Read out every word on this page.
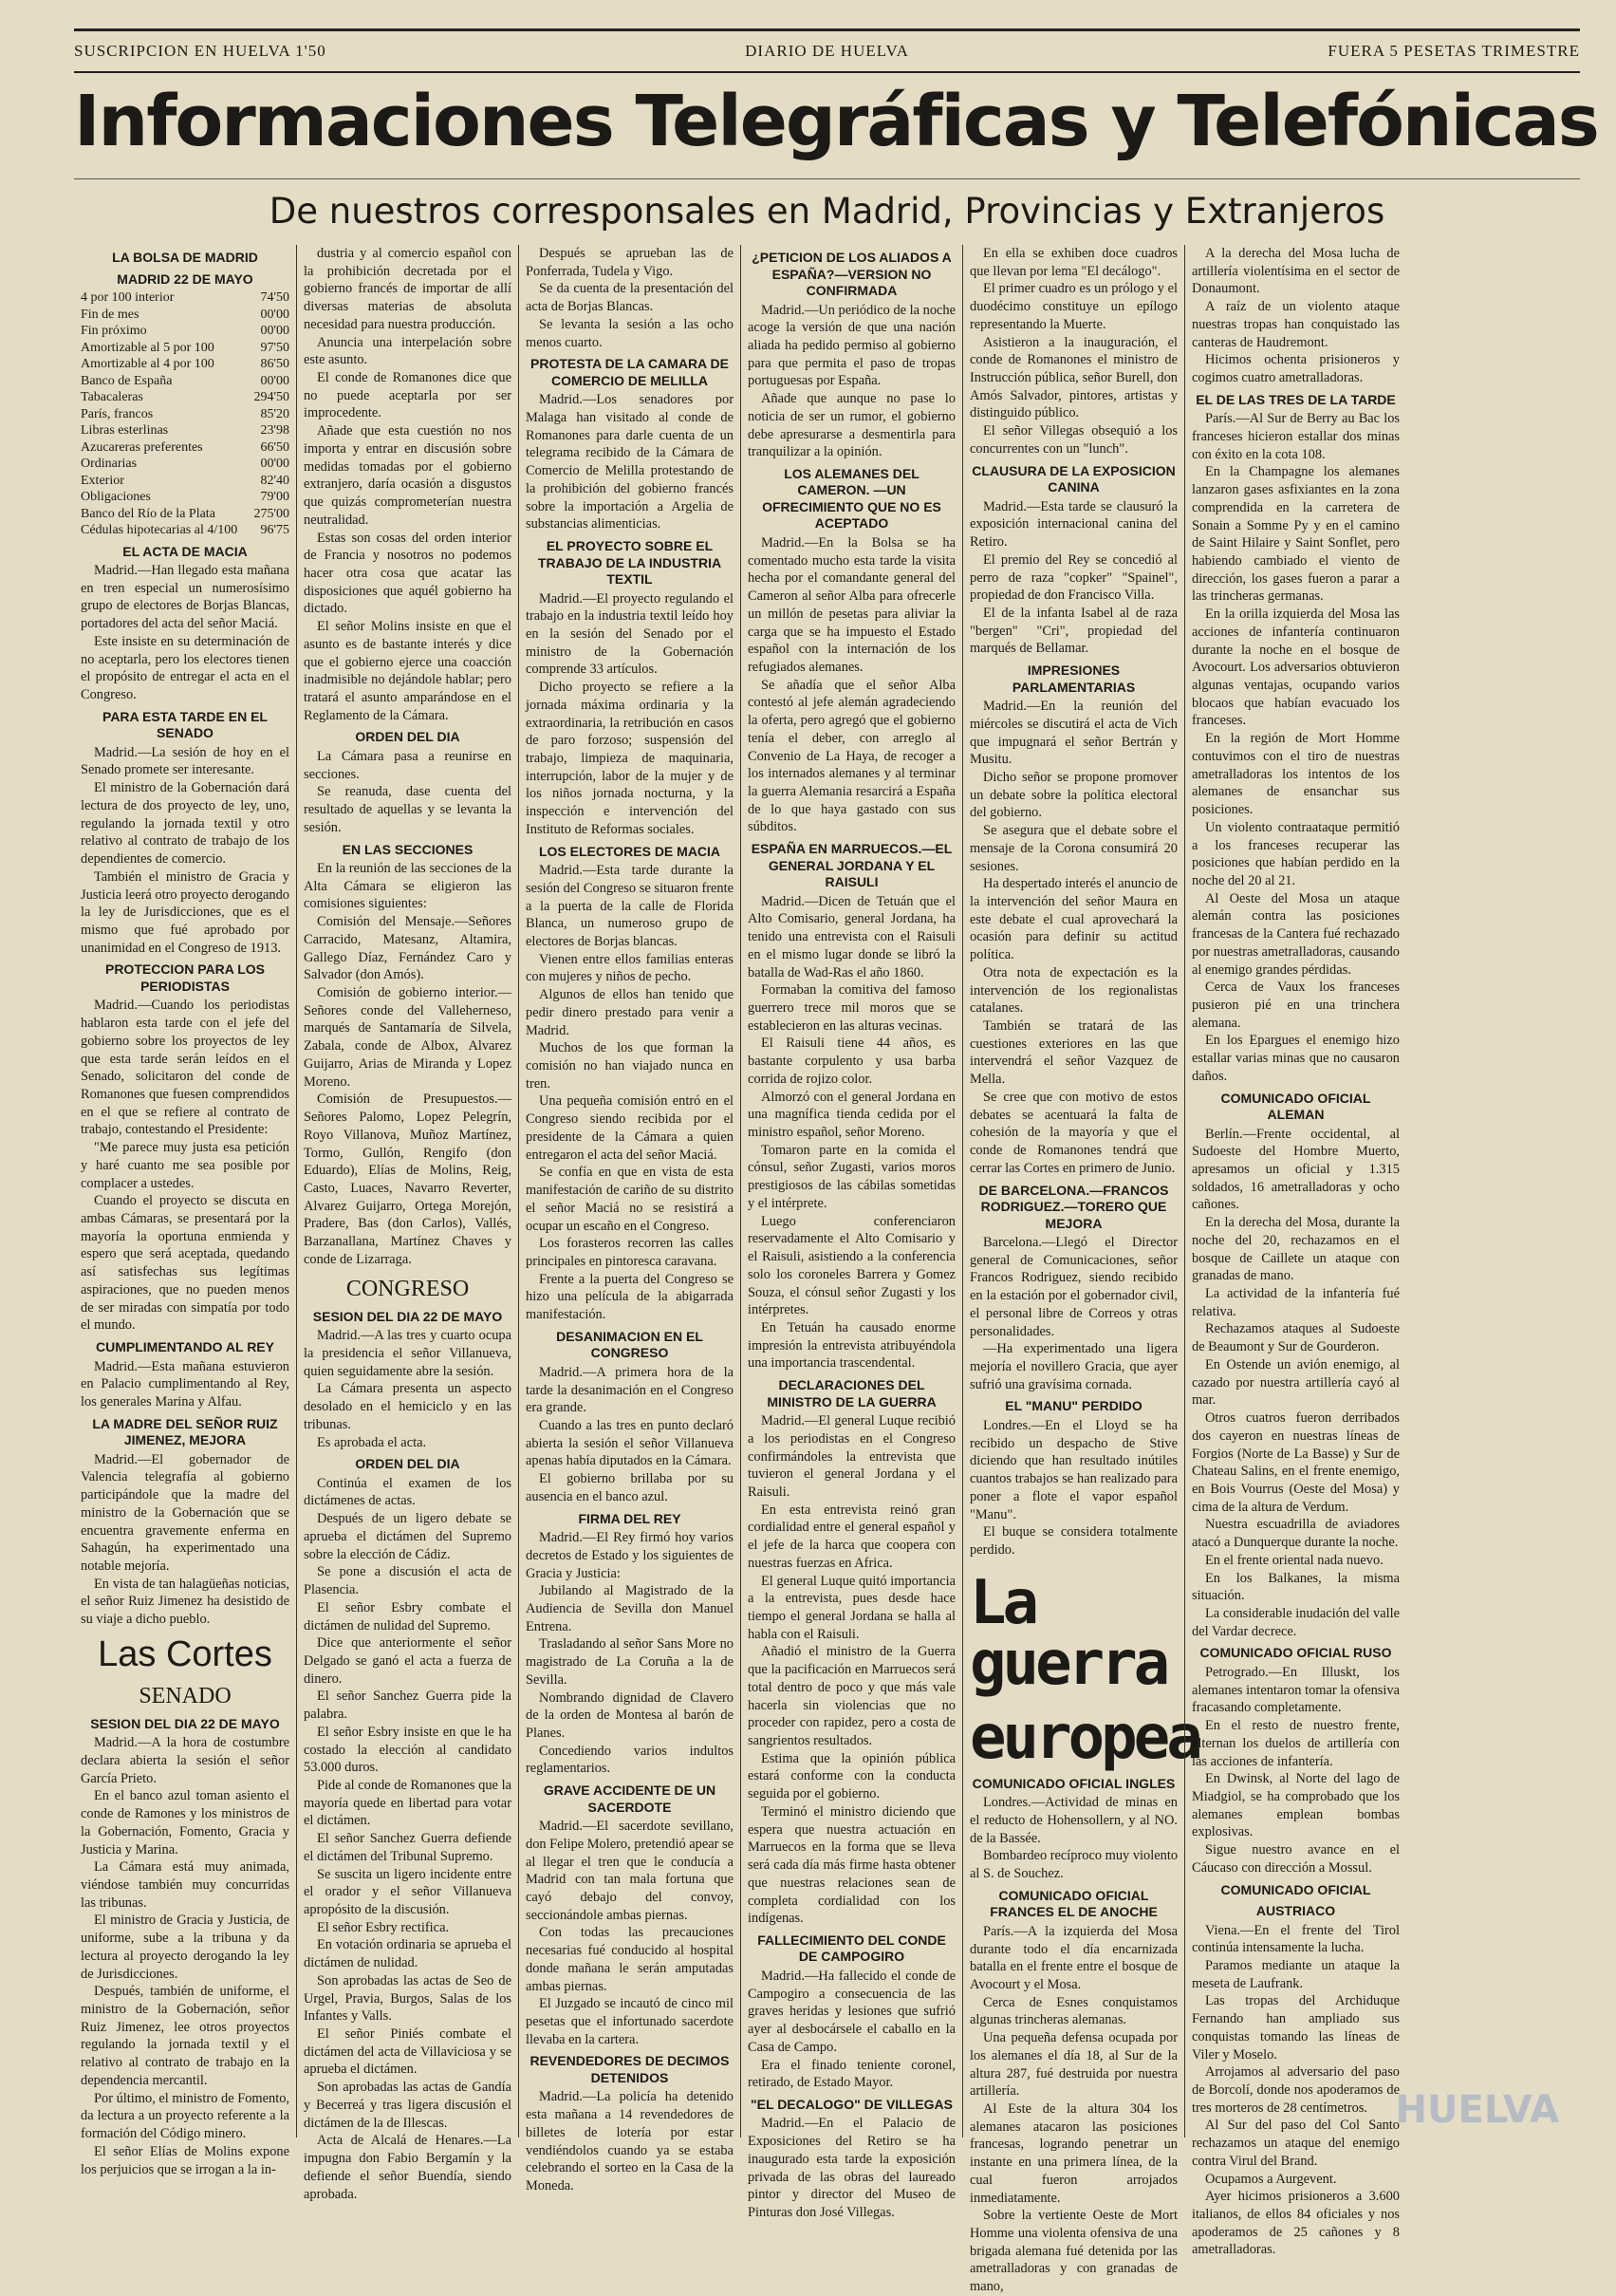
SUSCRIPCION EN HUELVA 1'50	DIARIO DE HUELVA	FUERA 5 PESETAS TRIMESTRE
Informaciones Telegráficas y Telefónicas
De nuestros corresponsales en Madrid, Provincias y Extranjeros
LA BOLSA DE MADRID
MADRID 22 DE MAYO
4 por 100 interior	74'50
Fin de mes	00'00
Fin próximo	00'00
Amortizable al 5 por 100	97'50
Amortizable al 4 por 100	86'50
Banco de España	00'00
Tabacaleras	294'50
París, francos	85'20
Libras esterlinas	23'98
Azucareras preferentes	66'50
Ordinarias	00'00
Exterior	82'40
Obligaciones	79'00
Banco del Río de la Plata	275'00
Cédulas hipotecarias al 4/100	96'75
EL ACTA DE MACIA

Madrid.—Han llegado esta mañana en tren especial un numerosísimo grupo de electores de Borjas Blancas, portadores del acta del señor Maciá.

Este insiste en su determinación de no aceptarla, pero los electores tienen el propósito de entregar el acta en el Congreso.

PARA ESTA TARDE EN EL SENADO

Madrid.—La sesión de hoy en el Senado promete ser interesante.

El ministro de la Gobernación dará lectura de dos proyecto de ley, uno, regulando la jornada textil y otro relativo al contrato de trabajo de los dependientes de comercio.

También el ministro de Gracia y Justicia leerá otro proyecto derogando la ley de Jurisdicciones, que es el mismo que fué aprobado por unanimidad en el Congreso de 1913.

PROTECCION PARA LOS PERIODISTAS

Madrid.—Cuando los periodistas hablaron esta tarde con el jefe del gobierno sobre los proyectos de ley que esta tarde serán leídos en el Senado, solicitaron del conde de Romanones que fuesen comprendidos en el que se refiere al contrato de trabajo, contestando el Presidente:

"Me parece muy justa esa petición y haré cuanto me sea posible por complacer a ustedes.

Cuando el proyecto se discuta en ambas Cámaras, se presentará por la mayoría la oportuna enmienda y espero que será aceptada, quedando así satisfechas sus legítimas aspiraciones, que no pueden menos de ser miradas con simpatía por todo el mundo.

CUMPLIMENTANDO AL REY

Madrid.—Esta mañana estuvieron en Palacio cumplimentando al Rey, los generales Marina y Alfau.

LA MADRE DEL SEÑOR RUIZ JIMENEZ, MEJORA

Madrid.—El gobernador de Valencia telegrafía al gobierno participándole que la madre del ministro de la Gobernación que se encuentra gravemente enferma en Sahagún, ha experimentado una notable mejoría.

En vista de tan halagüeñas noticias, el señor Ruiz Jimenez ha desistido de su viaje a dicho pueblo.

Las Cortes
SENADO
SESION DEL DIA 22 DE MAYO

Madrid.—A la hora de costumbre declara abierta la sesión el señor García Prieto.

En el banco azul toman asiento el conde de Ramones y los ministros de la Gobernación, Fomento, Gracia y Justicia y Marina.

La Cámara está muy animada, viéndose también muy concurridas las tribunas.

El ministro de Gracia y Justicia, de uniforme, sube a la tribuna y da lectura al proyecto derogando la ley de Jurisdicciones.

Después, también de uniforme, el ministro de la Gobernación, señor Ruiz Jimenez, lee otros proyectos regulando la jornada textil y el relativo al contrato de trabajo en la dependencia mercantil.

Por último, el ministro de Fomento, da lectura a un proyecto referente a la formación del Código minero.

El señor Elías de Molins expone los perjuicios que se irrogan a la in-

dustria y al comercio español con la prohibición decretada por el gobierno francés de importar de allí diversas materias de absoluta necesidad para nuestra producción.

Anuncia una interpelación sobre este asunto.

El conde de Romanones dice que no puede aceptarla por ser improcedente.

Añade que esta cuestión no nos importa y entrar en discusión sobre medidas tomadas por el gobierno extranjero, daría ocasión a disgustos que quizás comprometerían nuestra neutralidad.

Estas son cosas del orden interior de Francia y nosotros no podemos hacer otra cosa que acatar las disposiciones que aquél gobierno ha dictado.

El señor Molins insiste en que el asunto es de bastante interés y dice que el gobierno ejerce una coacción inadmisible no dejándole hablar; pero tratará el asunto amparándose en el Reglamento de la Cámara.

ORDEN DEL DIA

La Cámara pasa a reunirse en secciones.

Se reanuda, dase cuenta del resultado de aquellas y se levanta la sesión.

EN LAS SECCIONES

En la reunión de las secciones de la Alta Cámara se eligieron las comisiones siguientes:

Comisión del Mensaje.—Señores Carracido, Matesanz, Altamira, Gallego Díaz, Fernández Caro y Salvador (don Amós).

Comisión de gobierno interior.—Señores conde del Valleherneso, marqués de Santamaría de Silvela, Zabala, conde de Albox, Alvarez Guijarro, Arias de Miranda y Lopez Moreno.

Comisión de Presupuestos.—Señores Palomo, Lopez Pelegrín, Royo Villanova, Muñoz Martínez, Tormo, Gullón, Rengifo (don Eduardo), Elías de Molins, Reig, Casto, Luaces, Navarro Reverter, Alvarez Guijarro, Ortega Morejón, Pradere, Bas (don Carlos), Vallés, Barzanallana, Martínez Chaves y conde de Lizarraga.

CONGRESO
SESION DEL DIA 22 DE MAYO

Madrid.—A las tres y cuarto ocupa la presidencia el señor Villanueva, quien seguidamente abre la sesión.

La Cámara presenta un aspecto desolado en el hemiciclo y en las tribunas.

Es aprobada el acta.

ORDEN DEL DIA

Continúa el examen de los dictámenes de actas.

Después de un ligero debate se aprueba el dictámen del Supremo sobre la elección de Cádiz.

Se pone a discusión el acta de Plasencia.

El señor Esbry combate el dictámen de nulidad del Supremo.

Dice que anteriormente el señor Delgado se ganó el acta a fuerza de dinero.

El señor Sanchez Guerra pide la palabra.

El señor Esbry insiste en que le ha costado la elección al candidato 53.000 duros.

Pide al conde de Romanones que la mayoría quede en libertad para votar el dictámen.

El señor Sanchez Guerra defiende el dictámen del Tribunal Supremo.

Se suscita un ligero incidente entre el orador y el señor Villanueva apropósito de la discusión.

El señor Esbry rectifica.

En votación ordinaria se aprueba el dictámen de nulidad.

Son aprobadas las actas de Seo de Urgel, Pravia, Burgos, Salas de los Infantes y Valls.

El señor Piniés combate el dictámen del acta de Villaviciosa y se aprueba el dictámen.

Son aprobadas las actas de Gandía y Becerreá y tras ligera discusión el dictámen de la de Illescas.

Acta de Alcalá de Henares.—La impugna don Fabio Bergamín y la defiende el señor Buendía, siendo aprobada.

Después se aprueban las de Ponferrada, Tudela y Vigo.

Se da cuenta de la presentación del acta de Borjas Blancas.

Se levanta la sesión a las ocho menos cuarto.

PROTESTA DE LA CAMARA DE COMERCIO DE MELILLA

Madrid.—Los senadores por Malaga han visitado al conde de Romanones para darle cuenta de un telegrama recibido de la Cámara de Comercio de Melilla protestando de la prohibición del gobierno francés sobre la importación a Argelia de substancias alimenticias.

EL PROYECTO SOBRE EL TRABAJO DE LA INDUSTRIA TEXTIL

Madrid.—El proyecto regulando el trabajo en la industria textil leído hoy en la sesión del Senado por el ministro de la Gobernación comprende 33 artículos.

Dicho proyecto se refiere a la jornada máxima ordinaria y la extraordinaria, la retribución en casos de paro forzoso; suspensión del trabajo, limpieza de maquinaria, interrupción, labor de la mujer y de los niños jornada nocturna, y la inspección e intervención del Instituto de Reformas sociales.

LOS ELECTORES DE MACIA

Madrid.—Esta tarde durante la sesión del Congreso se situaron frente a la puerta de la calle de Florida Blanca, un numeroso grupo de electores de Borjas blancas.

Vienen entre ellos familias enteras con mujeres y niños de pecho.

Algunos de ellos han tenido que pedir dinero prestado para venir a Madrid.

Muchos de los que forman la comisión no han viajado nunca en tren.

Una pequeña comisión entró en el Congreso siendo recibida por el presidente de la Cámara a quien entregaron el acta del señor Maciá.

Se confía en que en vista de esta manifestación de cariño de su distrito el señor Maciá no se resistirá a ocupar un escaño en el Congreso.

Los forasteros recorren las calles principales en pintoresca caravana.

Frente a la puerta del Congreso se hizo una película de la abigarrada manifestación.

DESANIMACION EN EL CONGRESO

Madrid.—A primera hora de la tarde la desanimación en el Congreso era grande.

Cuando a las tres en punto declaró abierta la sesión el señor Villanueva apenas había diputados en la Cámara.

El gobierno brillaba por su ausencia en el banco azul.

FIRMA DEL REY

Madrid.—El Rey firmó hoy varios decretos de Estado y los siguientes de Gracia y Justicia:

Jubilando al Magistrado de la Audiencia de Sevilla don Manuel Entrena.

Trasladando al señor Sans More no magistrado de La Coruña a la de Sevilla.

Nombrando dignidad de Clavero de la orden de Montesa al barón de Planes.

Concediendo varios indultos reglamentarios.

GRAVE ACCIDENTE DE UN SACERDOTE

Madrid.—El sacerdote sevillano, don Felipe Molero, pretendió apear se al llegar el tren que le conducía a Madrid con tan mala fortuna que cayó debajo del convoy, seccionándole ambas piernas.

Con todas las precauciones necesarias fué conducido al hospital donde mañana le serán amputadas ambas piernas.

El Juzgado se incautó de cinco mil pesetas que el infortunado sacerdote llevaba en la cartera.

REVENDEDORES DE DECIMOS DETENIDOS

Madrid.—La policía ha detenido esta mañana a 14 revendedores de billetes de lotería por estar vendiéndolos cuando ya se estaba celebrando el sorteo en la Casa de la Moneda.

¿PETICION DE LOS ALIADOS A ESPAÑA?—VERSION NO CONFIRMADA

Madrid.—Un periódico de la noche acoge la versión de que una nación aliada ha pedido permiso al gobierno para que permita el paso de tropas portuguesas por España.

Añade que aunque no pase lo noticia de ser un rumor, el gobierno debe apresurarse a desmentirla para tranquilizar a la opinión.

LOS ALEMANES DEL CAMERON. —UN OFRECIMIENTO QUE NO ES ACEPTADO

Madrid.—En la Bolsa se ha comentado mucho esta tarde la visita hecha por el comandante general del Cameron al señor Alba para ofrecerle un millón de pesetas para aliviar la carga que se ha impuesto el Estado español con la internación de los refugiados alemanes.

Se añadía que el señor Alba contestó al jefe alemán agradeciendo la oferta, pero agregó que el gobierno tenía el deber, con arreglo al Convenio de La Haya, de recoger a los internados alemanes y al terminar la guerra Alemania resarcirá a España de lo que haya gastado con sus súbditos.

ESPAÑA EN MARRUECOS.—EL GENERAL JORDANA Y EL RAISULI

Madrid.—Dicen de Tetuán que el Alto Comisario, general Jordana, ha tenido una entrevista con el Raisuli en el mismo lugar donde se libró la batalla de Wad-Ras el año 1860.

Formaban la comitiva del famoso guerrero trece mil moros que se establecieron en las alturas vecinas.

El Raisuli tiene 44 años, es bastante corpulento y usa barba corrida de rojizo color.

Almorzó con el general Jordana en una magnífica tienda cedida por el ministro español, señor Moreno.

Tomaron parte en la comida el cónsul, señor Zugasti, varios moros prestigiosos de las cábilas sometidas y el intérprete.

Luego conferenciaron reservadamente el Alto Comisario y el Raisuli, asistiendo a la conferencia solo los coroneles Barrera y Gomez Souza, el cónsul señor Zugasti y los intérpretes.

En Tetuán ha causado enorme impresión la entrevista atribuyéndola una importancia trascendental.

DECLARACIONES DEL MINISTRO DE LA GUERRA

Madrid.—El general Luque recibió a los periodistas en el Congreso confirmándoles la entrevista que tuvieron el general Jordana y el Raisuli.

En esta entrevista reinó gran cordialidad entre el general español y el jefe de la harca que coopera con nuestras fuerzas en Africa.

El general Luque quitó importancia a la entrevista, pues desde hace tiempo el general Jordana se halla al habla con el Raisuli.

Añadió el ministro de la Guerra que la pacificación en Marruecos será total dentro de poco y que más vale hacerla sin violencias que no proceder con rapidez, pero a costa de sangrientos resultados.

Estima que la opinión pública estará conforme con la conducta seguida por el gobierno.

Terminó el ministro diciendo que espera que nuestra actuación en Marruecos en la forma que se lleva será cada día más firme hasta obtener que nuestras relaciones sean de completa cordialidad con los indígenas.

FALLECIMIENTO DEL CONDE DE CAMPOGIRO

Madrid.—Ha fallecido el conde de Campogiro a consecuencia de las graves heridas y lesiones que sufrió ayer al desbocársele el caballo en la Casa de Campo.

Era el finado teniente coronel, retirado, de Estado Mayor.

"EL DECALOGO" DE VILLEGAS

Madrid.—En el Palacio de Exposiciones del Retiro se ha inaugurado esta tarde la exposición privada de las obras del laureado pintor y director del Museo de Pinturas don José Villegas.

En ella se exhiben doce cuadros que llevan por lema "El decálogo".

El primer cuadro es un prólogo y el duodécimo constituye un epílogo representando la Muerte.

Asistieron a la inauguración, el conde de Romanones el ministro de Instrucción pública, señor Burell, don Amós Salvador, pintores, artistas y distinguido público.

El señor Villegas obsequió a los concurrentes con un "lunch".

CLAUSURA DE LA EXPOSICION CANINA

Madrid.—Esta tarde se clausuró la exposición internacional canina del Retiro.

El premio del Rey se concedió al perro de raza "copker" "Spainel", propiedad de don Francisco Villa.

El de la infanta Isabel al de raza "bergen" "Cri", propiedad del marqués de Bellamar.

IMPRESIONES PARLAMENTARIAS

Madrid.—En la reunión del miércoles se discutirá el acta de Vich que impugnará el señor Bertrán y Musitu.

Dicho señor se propone promover un debate sobre la política electoral del gobierno.

Se asegura que el debate sobre el mensaje de la Corona consumirá 20 sesiones.

Ha despertado interés el anuncio de la intervención del señor Maura en este debate el cual aprovechará la ocasión para definir su actitud política.

Otra nota de expectación es la intervención de los regionalistas catalanes.

También se tratará de las cuestiones exteriores en las que intervendrá el señor Vazquez de Mella.

Se cree que con motivo de estos debates se acentuará la falta de cohesión de la mayoría y que el conde de Romanones tendrá que cerrar las Cortes en primero de Junio.

DE BARCELONA.—FRANCOS RODRIGUEZ.—TORERO QUE MEJORA

Barcelona.—Llegó el Director general de Comunicaciones, señor Francos Rodriguez, siendo recibido en la estación por el gobernador civil, el personal libre de Correos y otras personalidades.

—Ha experimentado una ligera mejoría el novillero Gracia, que ayer sufrió una gravísima cornada.

EL "MANU" PERDIDO

Londres.—En el Lloyd se ha recibido un despacho de Stive diciendo que han resultado inútiles cuantos trabajos se han realizado para poner a flote el vapor español "Manu".

El buque se considera totalmente perdido.

La guerra
europea
COMUNICADO OFICIAL INGLES

Londres.—Actividad de minas en el reducto de Hohensollern, y al NO. de la Bassée.

Bombardeo recíproco muy violento al S. de Souchez.

COMUNICADO OFICIAL FRANCES EL DE ANOCHE

París.—A la izquierda del Mosa durante todo el día encarnizada batalla en el frente entre el bosque de Avocourt y el Mosa.

Cerca de Esnes conquistamos algunas trincheras alemanas.

Una pequeña defensa ocupada por los alemanes el día 18, al Sur de la altura 287, fué destruida por nuestra artillería.

Al Este de la altura 304 los alemanes atacaron las posiciones francesas, logrando penetrar un instante en una primera línea, de la cual fueron arrojados inmediatamente.

Sobre la vertiente Oeste de Mort Homme una violenta ofensiva de una brigada alemana fué detenida por las ametralladoras y con granadas de mano,

A la derecha del Mosa lucha de artillería violentísima en el sector de Donaumont.

A raíz de un violento ataque nuestras tropas han conquistado las canteras de Haudremont.

Hicimos ochenta prisioneros y cogimos cuatro ametralladoras.

EL DE LAS TRES DE LA TARDE

París.—Al Sur de Berry au Bac los franceses hicieron estallar dos minas con éxito en la cota 108.

En la Champagne los alemanes lanzaron gases asfixiantes en la zona comprendida en la carretera de Sonain a Somme Py y en el camino de Saint Hilaire y Saint Sonflet, pero habiendo cambiado el viento de dirección, los gases fueron a parar a las trincheras germanas.

En la orilla izquierda del Mosa las acciones de infantería continuaron durante la noche en el bosque de Avocourt. Los adversarios obtuvieron algunas ventajas, ocupando varios blocaos que habían evacuado los franceses.

En la región de Mort Homme contuvimos con el tiro de nuestras ametralladoras los intentos de los alemanes de ensanchar sus posiciones.

Un violento contraataque permitió a los franceses recuperar las posiciones que habían perdido en la noche del 20 al 21.

Al Oeste del Mosa un ataque alemán contra las posiciones francesas de la Cantera fué rechazado por nuestras ametralladoras, causando al enemigo grandes pérdidas.

Cerca de Vaux los franceses pusieron pié en una trinchera alemana.

En los Epargues el enemigo hizo estallar varias minas que no causaron daños.

COMUNICADO OFICIAL ALEMAN

Berlín.—Frente occidental, al Sudoeste del Hombre Muerto, apresamos un oficial y 1.315 soldados, 16 ametralladoras y ocho cañones.

En la derecha del Mosa, durante la noche del 20, rechazamos en el bosque de Caillete un ataque con granadas de mano.

La actividad de la infantería fué relativa.

Rechazamos ataques al Sudoeste de Beaumont y Sur de Gourderon.

En Ostende un avión enemigo, al cazado por nuestra artillería cayó al mar.

Otros cuatros fueron derribados dos cayeron en nuestras líneas de Forgios (Norte de La Basse) y Sur de Chateau Salins, en el frente enemigo, en Bois Vourrus (Oeste del Mosa) y cima de la altura de Verdum.

Nuestra escuadrilla de aviadores atacó a Dunquerque durante la noche.

En el frente oriental nada nuevo.

En los Balkanes, la misma situación.

La considerable inudación del valle del Vardar decrece.

COMUNICADO OFICIAL RUSO

Petrogrado.—En Illuskt, los alemanes intentaron tomar la ofensiva fracasando completamente.

En el resto de nuestro frente, alternan los duelos de artillería con las acciones de infantería.

En Dwinsk, al Norte del lago de Miadgiol, se ha comprobado que los alemanes emplean bombas explosivas.

Sigue nuestro avance en el Cáucaso con dirección a Mossul.

COMUNICADO OFICIAL
AUSTRIACO

Viena.—En el frente del Tirol continúa intensamente la lucha.

Paramos mediante un ataque la meseta de Laufrank.

Las tropas del Archiduque Fernando han ampliado sus conquistas tomando las líneas de Viler y Moselo.

Arrojamos al adversario del paso de Borcolí, donde nos apoderamos de tres morteros de 28 centímetros.

Al Sur del paso del Col Santo rechazamos un ataque del enemigo contra Virul del Brand.

Ocupamos a Aurgevent.

Ayer hicimos prisioneros a 3.600 italianos, de ellos 84 oficiales y nos apoderamos de 25 cañones y 8 ametralladoras.

HUELVA
